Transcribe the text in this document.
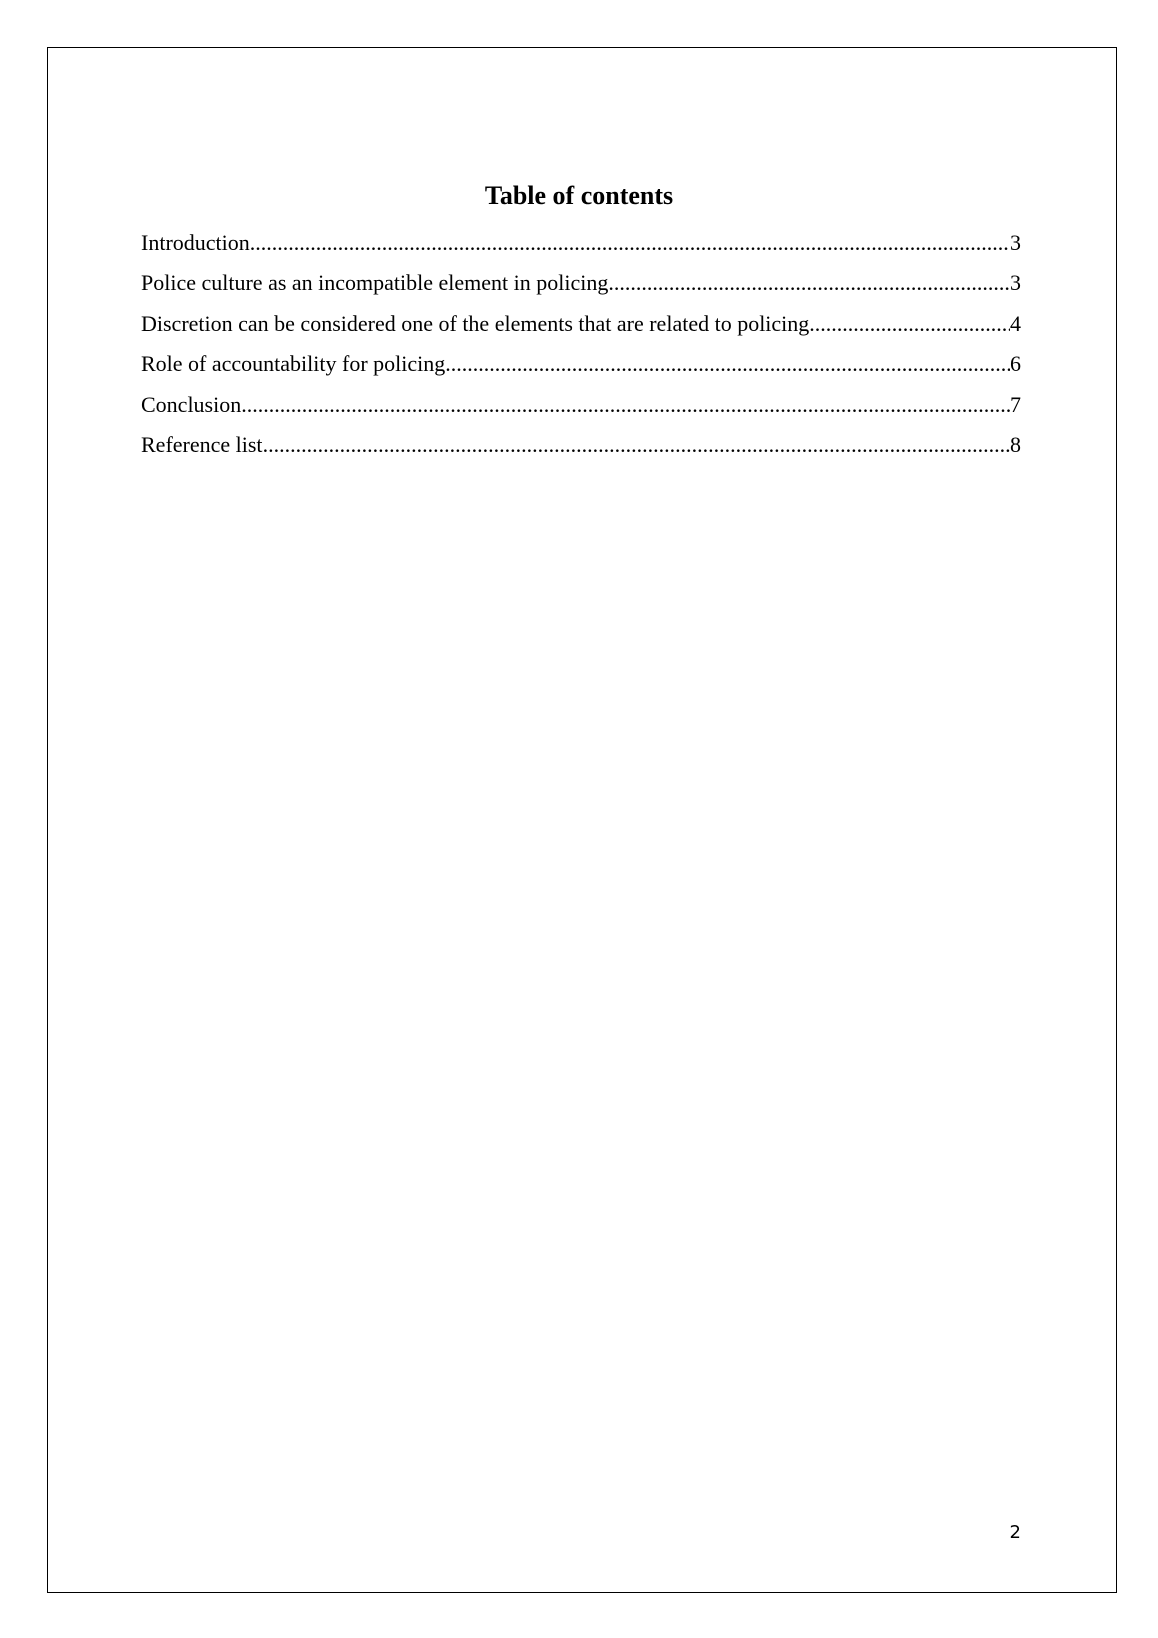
Table of contents
Introduction .....	3
Police culture as an incompatible element in policing .....	3
Discretion can be considered one of the elements that are related to policing .....	4
Role of accountability for policing .....	6
Conclusion .....	7
Reference list .....	8
2
